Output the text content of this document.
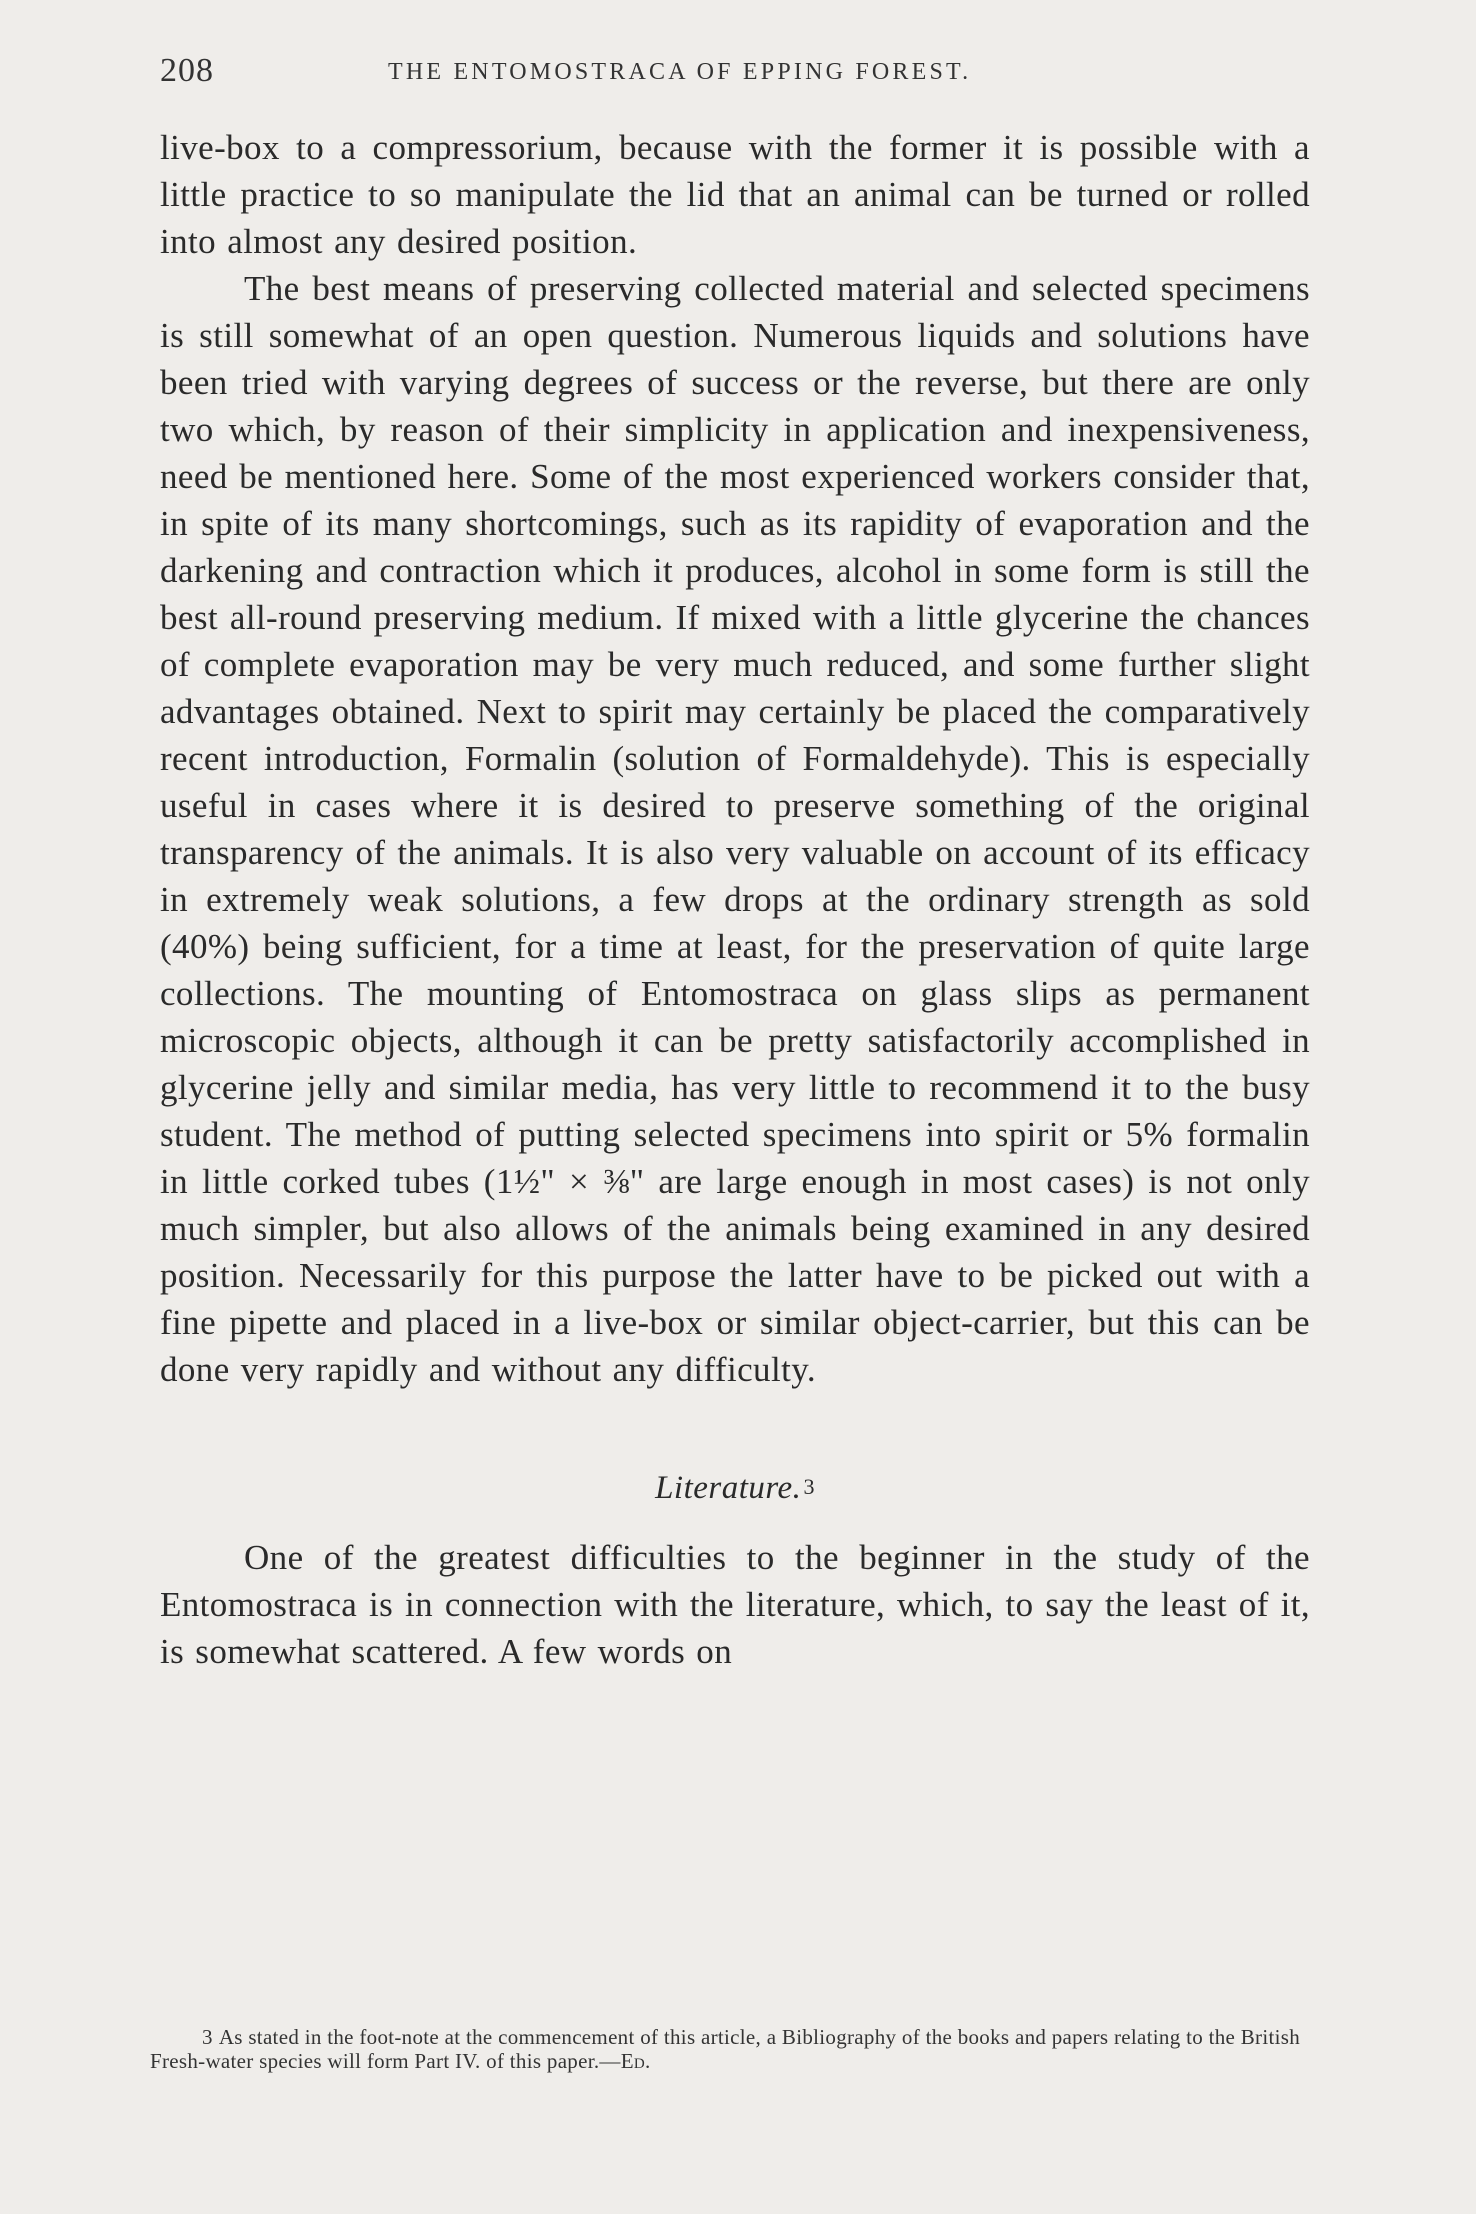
208	THE ENTOMOSTRACA OF EPPING FOREST.

live-box to a compressorium, because with the former it is possible with a little practice to so manipulate the lid that an animal can be turned or rolled into almost any desired position.

The best means of preserving collected material and selected specimens is still somewhat of an open question. Numerous liquids and solutions have been tried with varying degrees of success or the reverse, but there are only two which, by reason of their simplicity in application and inexpensiveness, need be mentioned here. Some of the most experienced workers consider that, in spite of its many shortcomings, such as its rapidity of evaporation and the darkening and contraction which it produces, alcohol in some form is still the best all-round preserving medium. If mixed with a little glycerine the chances of complete evaporation may be very much reduced, and some further slight advantages obtained. Next to spirit may certainly be placed the comparatively recent introduction, Formalin (solution of Formaldehyde). This is especially useful in cases where it is desired to preserve something of the original transparency of the animals. It is also very valuable on account of its efficacy in extremely weak solutions, a few drops at the ordinary strength as sold (40%) being sufficient, for a time at least, for the preservation of quite large collections. The mounting of Entomostraca on glass slips as permanent microscopic objects, although it can be pretty satisfactorily accomplished in glycerine jelly and similar media, has very little to recommend it to the busy student. The method of putting selected specimens into spirit or 5% formalin in little corked tubes (1½" × ⅜" are large enough in most cases) is not only much simpler, but also allows of the animals being examined in any desired position. Necessarily for this purpose the latter have to be picked out with a fine pipette and placed in a live-box or similar object-carrier, but this can be done very rapidly and without any difficulty.

Literature.3

One of the greatest difficulties to the beginner in the study of the Entomostraca is in connection with the literature, which, to say the least of it, is somewhat scattered. A few words on

3 As stated in the foot-note at the commencement of this article, a Bibliography of the books and papers relating to the British Fresh-water species will form Part IV. of this paper.—Ed.
